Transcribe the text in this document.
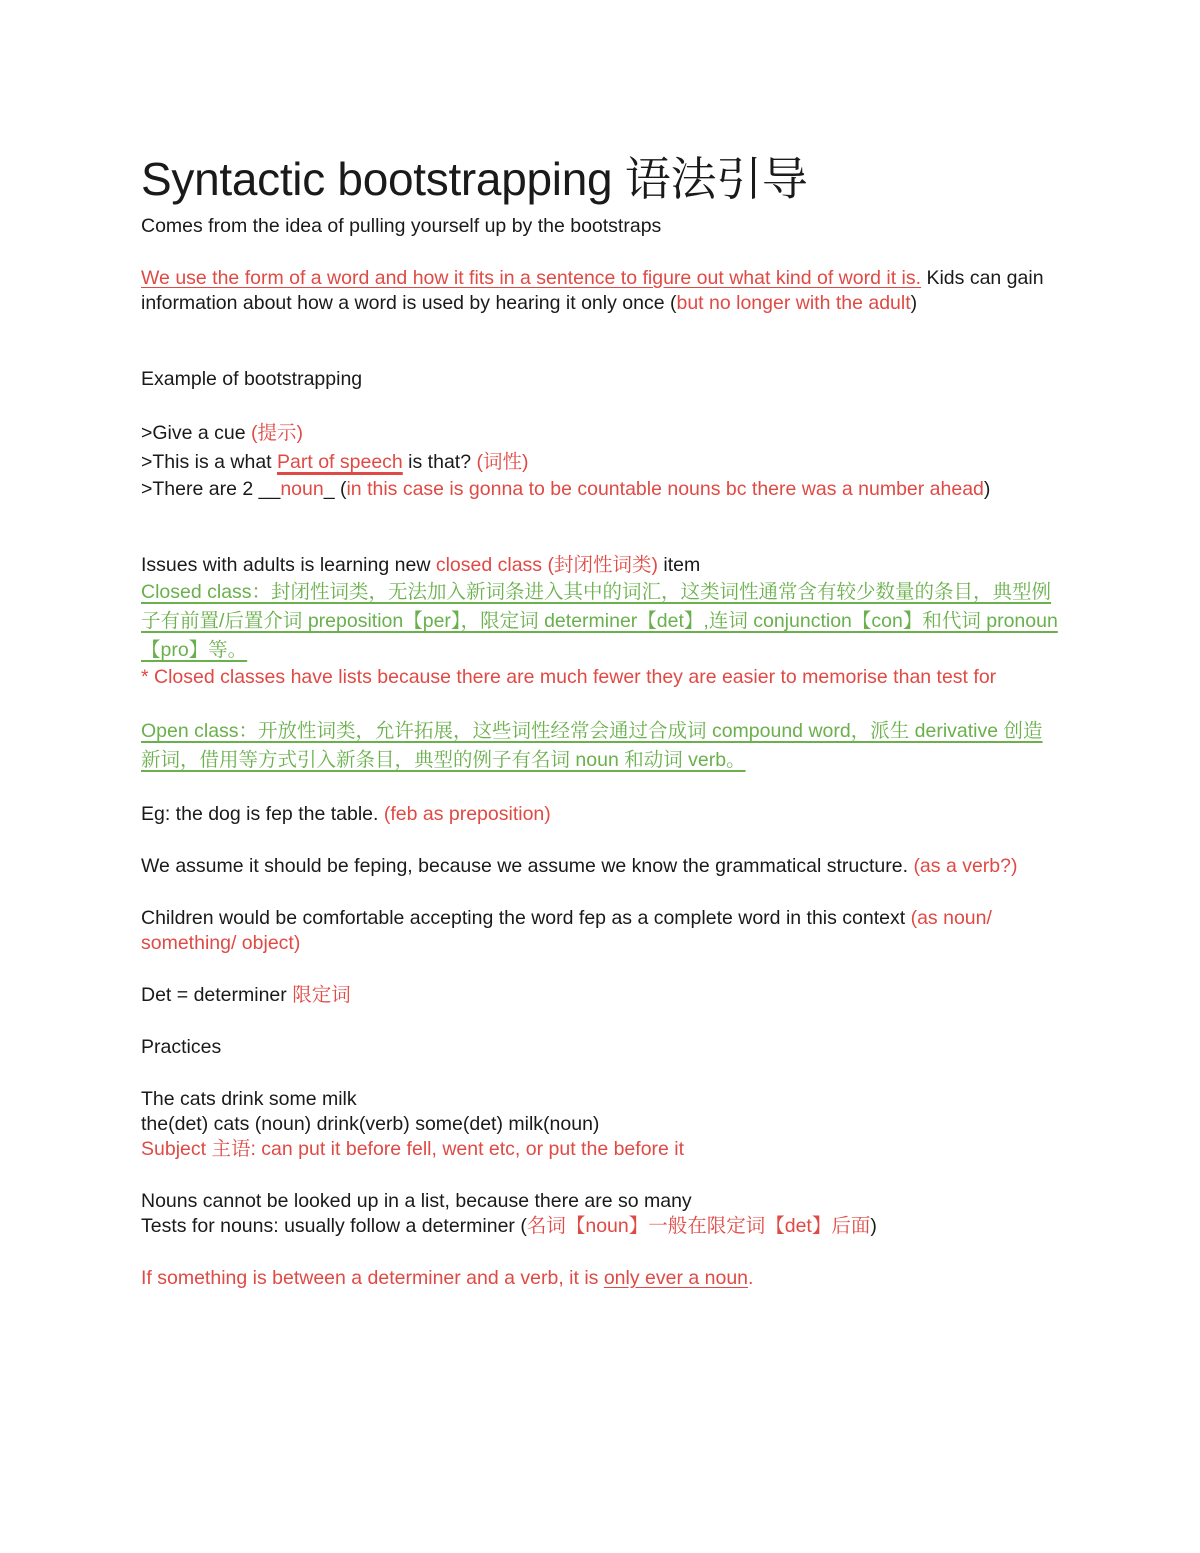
Syntactic bootstrapping 语法引导

Comes from the idea of pulling yourself up by the bootstraps

We use the form of a word and how it fits in a sentence to figure out what kind of word it is. Kids can gain information about how a word is used by hearing it only once (but no longer with the adult)

Example of bootstrapping

>Give a cue (提示)

>This is a what Part of speech is that? (词性)

>There are 2 __noun_ (in this case is gonna to be countable nouns bc there was a number ahead)

Issues with adults is learning new closed class (封闭性词类) item

Closed class：封闭性词类，无法加入新词条进入其中的词汇，这类词性通常含有较少数量的条目，典型例子有前置/后置介词 preposition【per】，限定词 determiner【det】,连词 conjunction【con】和代词 pronoun【pro】等。

* Closed classes have lists because there are much fewer they are easier to memorise than test for

Open class：开放性词类，允许拓展，这些词性经常会通过合成词 compound word，派生 derivative 创造新词，借用等方式引入新条目，典型的例子有名词 noun 和动词 verb。

Eg: the dog is fep the table. (feb as preposition)

We assume it should be feping, because we assume we know the grammatical structure. (as a verb?)

Children would be comfortable accepting the word fep as a complete word in this context (as noun/ something/ object)

Det = determiner 限定词

Practices

The cats drink some milk

the(det) cats (noun) drink(verb) some(det) milk(noun)

Subject 主语: can put it before fell, went etc, or put the before it

Nouns cannot be looked up in a list, because there are so many

Tests for nouns: usually follow a determiner (名词【noun】一般在限定词【det】后面)

If something is between a determiner and a verb, it is only ever a noun.
